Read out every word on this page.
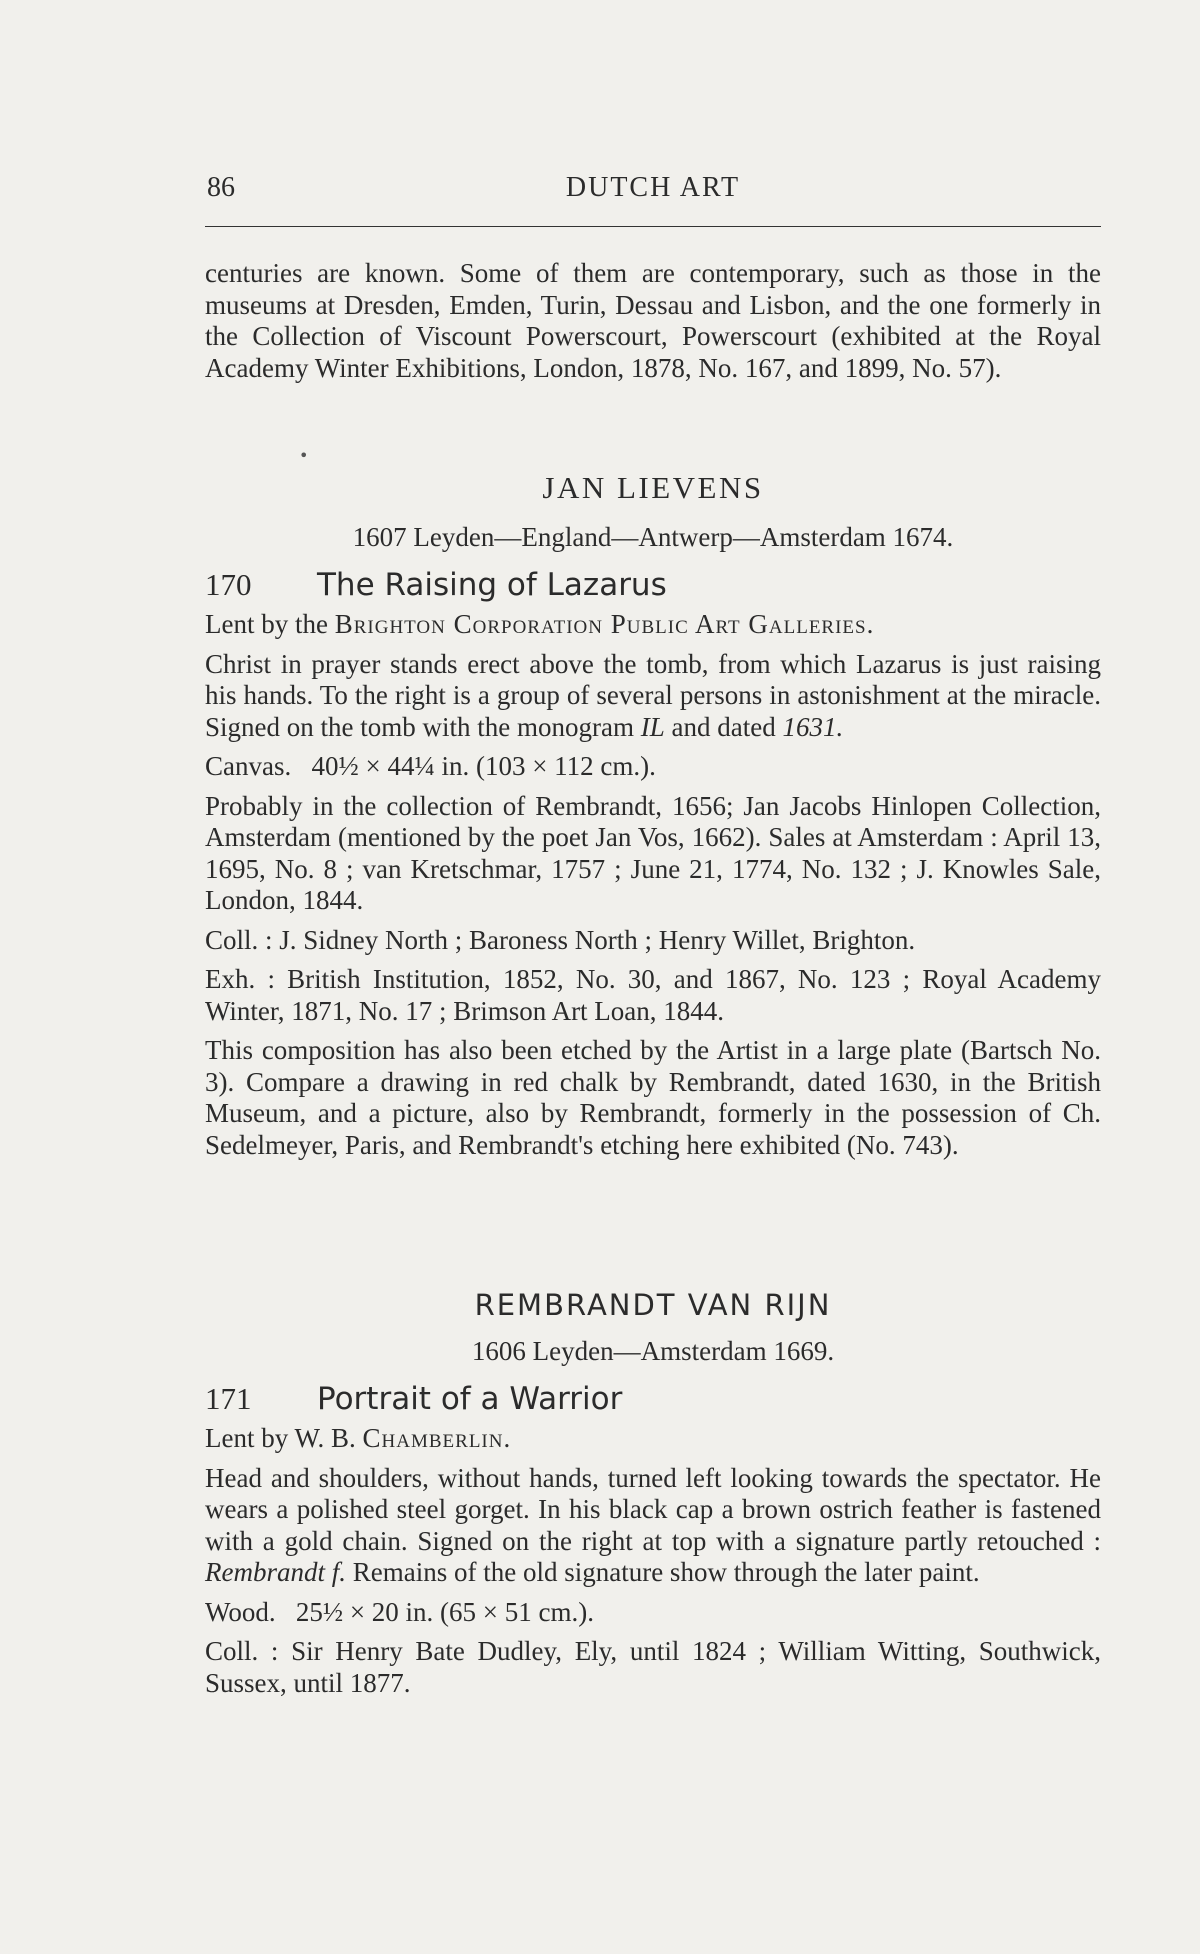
86	DUTCH ART

centuries are known. Some of them are contemporary, such as those in the museums at Dresden, Emden, Turin, Dessau and Lisbon, and the one formerly in the Collection of Viscount Powerscourt, Powerscourt (exhibited at the Royal Academy Winter Exhibitions, London, 1878, No. 167, and 1899, No. 57).

•
JAN LIEVENS
1607 Leyden—England—Antwerp—Amsterdam 1674.
170	The Raising of Lazarus

Lent by the Brighton Corporation Public Art Galleries.

Christ in prayer stands erect above the tomb, from which Lazarus is just raising his hands. To the right is a group of several persons in astonishment at the miracle. Signed on the tomb with the monogram IL and dated 1631.

Canvas. 40½ × 44¼ in. (103 × 112 cm.).

Probably in the collection of Rembrandt, 1656; Jan Jacobs Hinlopen Collection, Amsterdam (mentioned by the poet Jan Vos, 1662). Sales at Amsterdam : April 13, 1695, No. 8 ; van Kretschmar, 1757 ; June 21, 1774, No. 132 ; J. Knowles Sale, London, 1844.

Coll. : J. Sidney North ; Baroness North ; Henry Willet, Brighton.

Exh. : British Institution, 1852, No. 30, and 1867, No. 123 ; Royal Academy Winter, 1871, No. 17 ; Brimson Art Loan, 1844.

This composition has also been etched by the Artist in a large plate (Bartsch No. 3). Compare a drawing in red chalk by Rembrandt, dated 1630, in the British Museum, and a picture, also by Rembrandt, formerly in the possession of Ch. Sedelmeyer, Paris, and Rembrandt's etching here exhibited (No. 743).

REMBRANDT VAN RIJN
1606 Leyden—Amsterdam 1669.
171	Portrait of a Warrior

Lent by W. B. Chamberlin.

Head and shoulders, without hands, turned left looking towards the spectator. He wears a polished steel gorget. In his black cap a brown ostrich feather is fastened with a gold chain. Signed on the right at top with a signature partly retouched : Rembrandt f. Remains of the old signature show through the later paint.

Wood. 25½ × 20 in. (65 × 51 cm.).

Coll. : Sir Henry Bate Dudley, Ely, until 1824 ; William Witting, Southwick, Sussex, until 1877.
